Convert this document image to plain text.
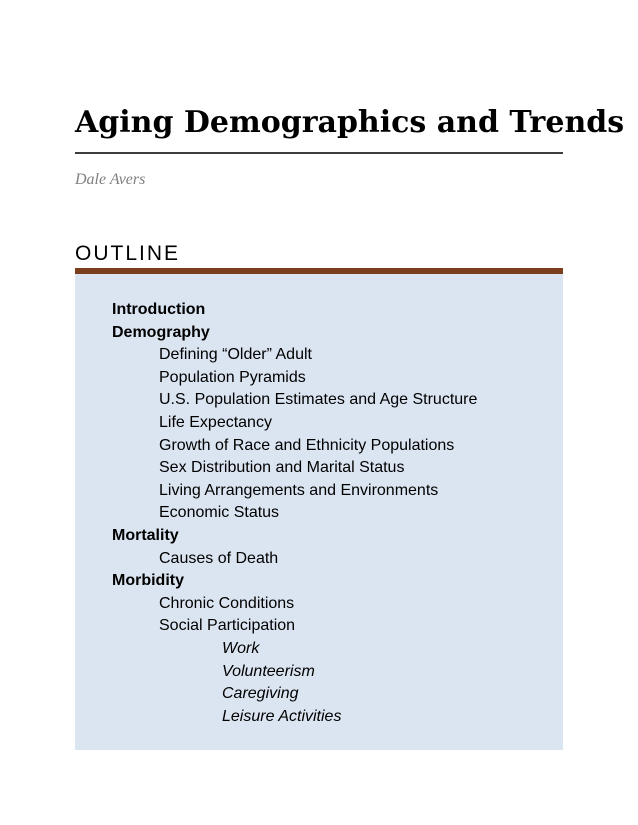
Aging Demographics and Trends
Dale Avers
OUTLINE
Introduction
Demography
Defining “Older” Adult
Population Pyramids
U.S. Population Estimates and Age Structure
Life Expectancy
Growth of Race and Ethnicity Populations
Sex Distribution and Marital Status
Living Arrangements and Environments
Economic Status
Mortality
Causes of Death
Morbidity
Chronic Conditions
Social Participation
Work
Volunteerism
Caregiving
Leisure Activities
